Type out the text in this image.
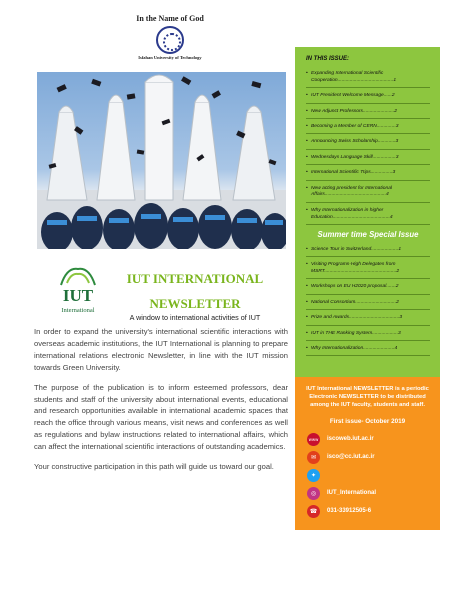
In the Name of God
Isfahan University of Technology
IUT
International
IUT INTERNATIONAL
NEWSLETTER
A window to international activities of IUT

In order to expand the university's international scientific interactions with overseas academic institutions, the IUT International is planning to prepare international relations electronic Newsletter, in line with the IUT mission towards Green University.

The purpose of the publication is to inform esteemed professors, dear students and staff of the university about international events, educational and research opportunities available in international academic spaces that reach the office through various means, visit news and conferences as well as regulations and bylaw instructions related to international affairs, which can affect the international scientific interactions of outstanding academics.

Your constructive participation in this path will guide us toward our goal.

IN THIS ISSUE:
• Expanding International Scientific Cooperation.........................................1
• IUT President Welcome Message......2
• New Adjunct Professors.......................2
• Becoming a Member of CERN..............3
• Announcing Swiss Scholarship.............3
• Wednesdays Language Skill.................3
• International Scientific Trips................3
• New acting president for International Affairs.............................................4
• Why Internationalization in higher Education..........................................4
Summer time Special Issue
• Science Tour in Switzerland....................1
• Visiting Programs-High Delegates from MSRT.....................................................2
• Workshops on EU H2020 proposal.......2
• National Consortium..............................2
• Prize and Awards.....................................3
• IUT in THE Ranking System...................3
• Why Internationalization.......................4
IUT International NEWSLETTER is a periodic Electronic NEWSLETTER to be distributed among the IUT faculty, students and staff.
First issue- October 2019
www iscoweb.iut.ac.ir
✉	isco@cc.iut.ac.ir
✦
◎	IUT_International
☎	031-33912505-6
